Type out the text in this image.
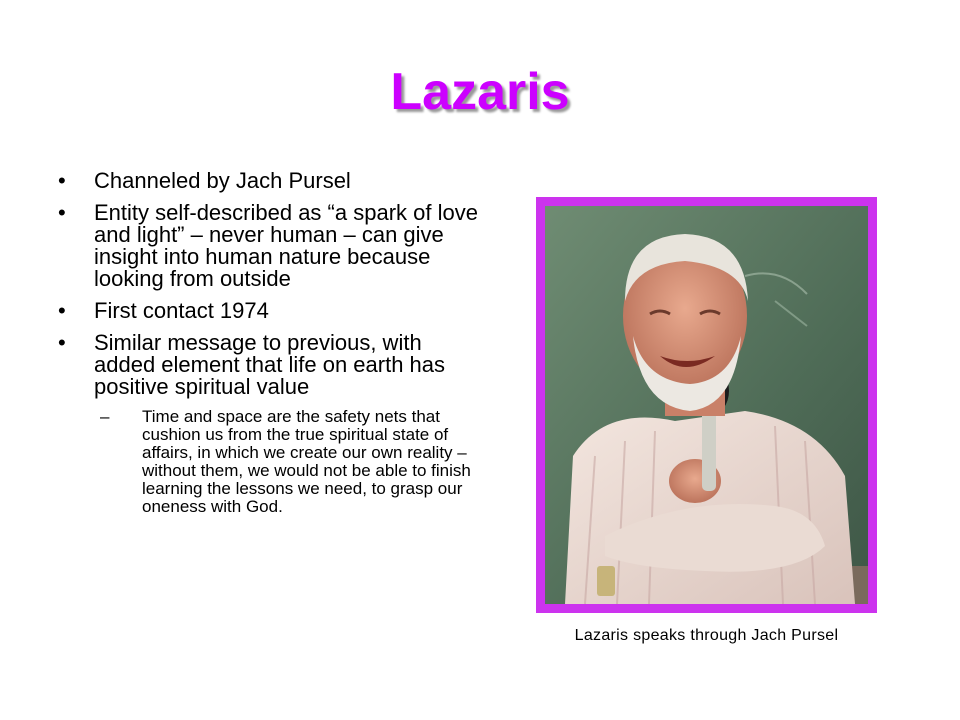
Lazaris
• Channeled by Jach Pursel
• Entity self-described as “a spark of love and light” – never human – can give insight into human nature because looking from outside
• First contact 1974
• Similar message to previous, with added element that life on earth has positive spiritual value
– Time and space are the safety nets that cushion us from the true spiritual state of affairs, in which we create our own reality – without them, we would not be able to finish learning the lessons we need, to grasp our oneness with God.
Lazaris speaks through Jach Pursel
